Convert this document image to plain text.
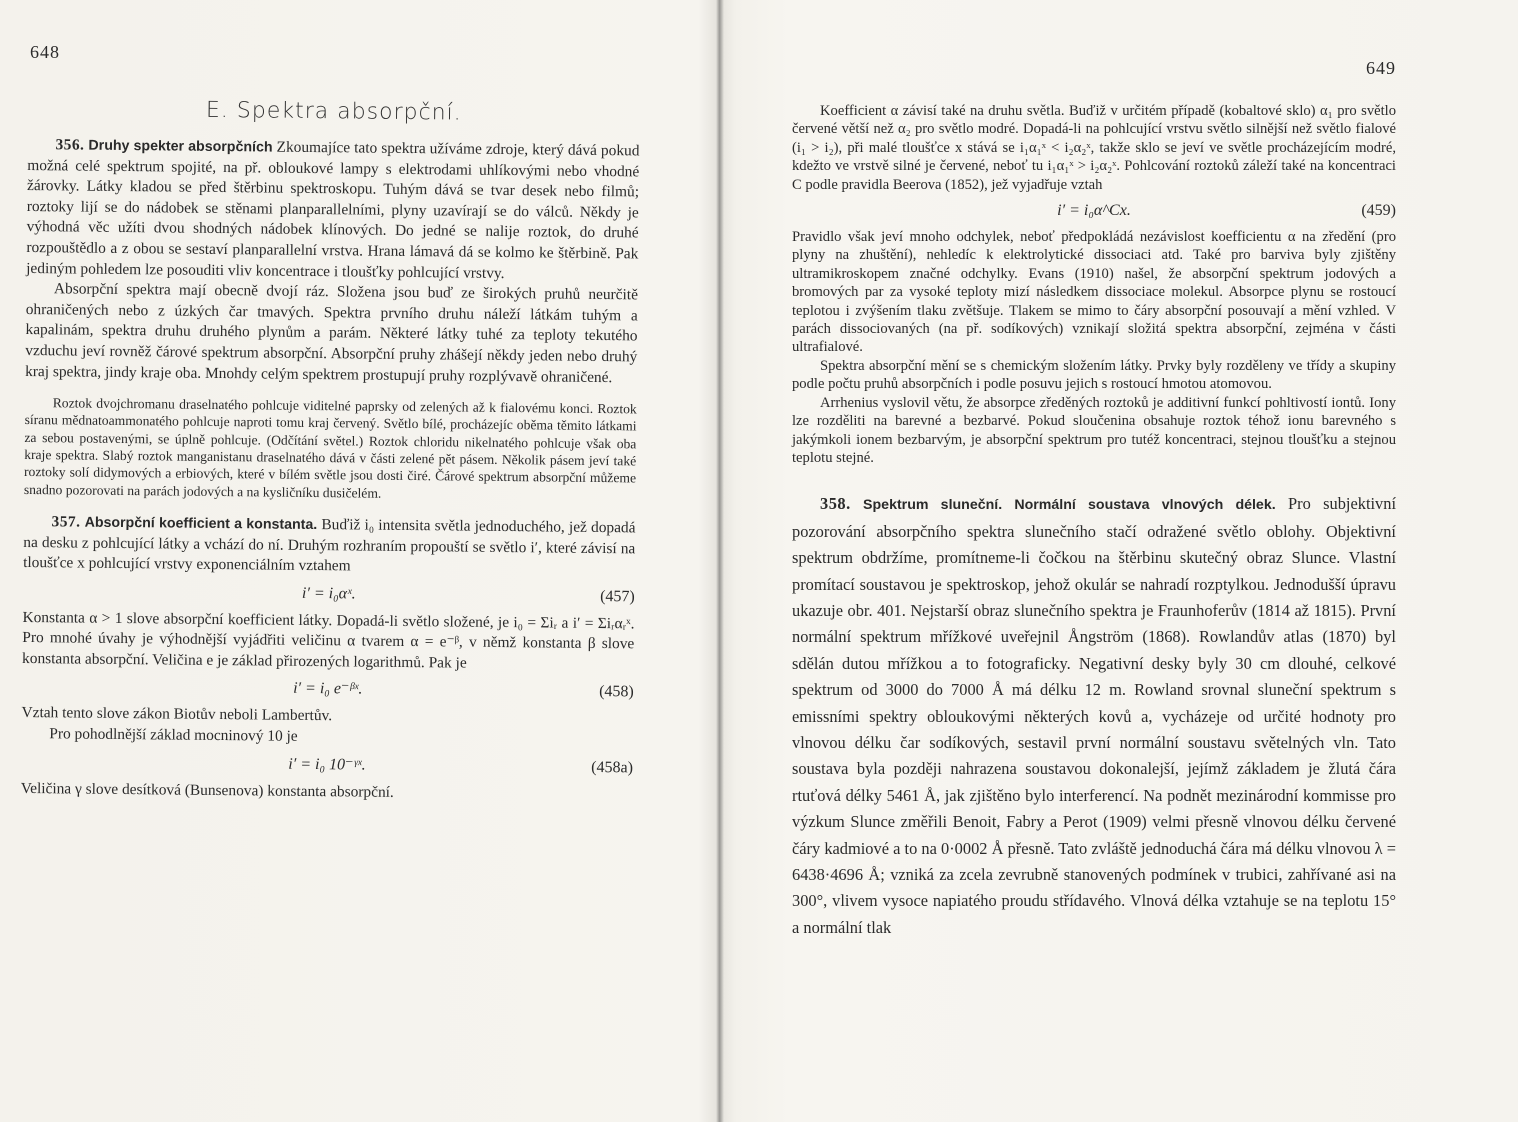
648
E. Spektra absorpční.

356. Druhy spekter absorpčních Zkoumajíce tato spektra užíváme zdroje, který dává pokud možná celé spektrum spojité, na př. obloukové lampy s elektrodami uhlíkovými nebo vhodné žárovky. Látky kladou se před štěrbinu spektroskopu. Tuhým dává se tvar desek nebo filmů; roztoky lijí se do nádobek se stěnami planparallelními, plyny uzavírají se do válců. Někdy je výhodná věc užíti dvou shodných nádobek klínových. Do jedné se nalije roztok, do druhé rozpouštědlo a z obou se sestaví planparallelní vrstva. Hrana lámavá dá se kolmo ke štěrbině. Pak jediným pohledem lze posouditi vliv koncentrace i tloušťky pohlcující vrstvy.

Absorpční spektra mají obecně dvojí ráz. Složena jsou buď ze širokých pruhů neurčitě ohraničených nebo z úzkých čar tmavých. Spektra prvního druhu náleží látkám tuhým a kapalinám, spektra druhu druhého plynům a parám. Některé látky tuhé za teploty tekutého vzduchu jeví rovněž čárové spektrum absorpční. Absorpční pruhy zhášejí někdy jeden nebo druhý kraj spektra, jindy kraje oba. Mnohdy celým spektrem prostupují pruhy rozplývavě ohraničené.

Roztok dvojchromanu draselnatého pohlcuje viditelné paprsky od zelených až k fialovému konci. Roztok síranu mědnatoammonatého pohlcuje naproti tomu kraj červený. Světlo bílé, procházejíc oběma těmito látkami za sebou postavenými, se úplně pohlcuje. (Odčítání světel.) Roztok chloridu nikelnatého pohlcuje však oba kraje spektra. Slabý roztok manganistanu draselnatého dává v části zelené pět pásem. Několik pásem jeví také roztoky solí didymových a erbiových, které v bílém světle jsou dosti čiré. Čárové spektrum absorpční můžeme snadno pozorovati na parách jodových a na kysličníku dusičelém.

357. Absorpční koefficient a konstanta. Buďiž i₀ intensita světla jednoduchého, jež dopadá na desku z pohlcující látky a vchází do ní. Druhým rozhraním propouští se světlo i′, které závisí na tloušťce x pohlcující vrstvy exponenciálním vztahem

i′ = i₀αˣ.	(457)

Konstanta α > 1 slove absorpční koefficient látky. Dopadá-li světlo složené, je i₀ = Σiᵣ a i′ = Σiᵣαᵣˣ. Pro mnohé úvahy je výhodnější vyjádřiti veličinu α tvarem α = e⁻ᵝ, v němž konstanta β slove konstanta absorpční. Veličina e je základ přirozených logarithmů. Pak je

i′ = i₀ e⁻ᵝˣ.	(458)

Vztah tento slove zákon Biotův neboli Lambertův.

Pro pohodlnější základ mocninový 10 je

i′ = i₀ 10⁻ᵞˣ.	(458a)

Veličina γ slove desítková (Bunsenova) konstanta absorpční.

649

Koefficient α závisí také na druhu světla. Buďiž v určitém případě (kobaltové sklo) α₁ pro světlo červené větší než α₂ pro světlo modré. Dopadá-li na pohlcující vrstvu světlo silnější než světlo fialové (i₁ > i₂), při malé tloušťce x stává se i₁α₁ˣ < i₂α₂ˣ, takže sklo se jeví ve světle procházejícím modré, kdežto ve vrstvě silné je červené, neboť tu i₁α₁ˣ > i₂α₂ˣ. Pohlcování roztoků záleží také na koncentraci C podle pravidla Beerova (1852), jež vyjadřuje vztah

i′ = i₀α^Cx.	(459)

Pravidlo však jeví mnoho odchylek, neboť předpokládá nezávislost koefficientu α na zředění (pro plyny na zhuštění), nehledíc k elektrolytické dissociaci atd. Také pro barviva byly zjištěny ultramikroskopem značné odchylky. Evans (1910) našel, že absorpční spektrum jodových a bromových par za vysoké teploty mizí následkem dissociace molekul. Absorpce plynu se rostoucí teplotou i zvýšením tlaku zvětšuje. Tlakem se mimo to čáry absorpční posouvají a mění vzhled. V parách dissociovaných (na př. sodíkových) vznikají složitá spektra absorpční, zejména v části ultrafialové.

Spektra absorpční mění se s chemickým složením látky. Prvky byly rozděleny ve třídy a skupiny podle počtu pruhů absorpčních i podle posuvu jejich s rostoucí hmotou atomovou.

Arrhenius vyslovil větu, že absorpce zředěných roztoků je additivní funkcí pohltivostí iontů. Iony lze rozděliti na barevné a bezbarvé. Pokud sloučenina obsahuje roztok téhož ionu barevného s jakýmkoli ionem bezbarvým, je absorpční spektrum pro tutéž koncentraci, stejnou tloušťku a stejnou teplotu stejné.

358. Spektrum sluneční. Normální soustava vlnových délek. Pro subjektivní pozorování absorpčního spektra slunečního stačí odražené světlo oblohy. Objektivní spektrum obdržíme, promítneme-li čočkou na štěrbinu skutečný obraz Slunce. Vlastní promítací soustavou je spektroskop, jehož okulár se nahradí rozptylkou. Jednodušší úpravu ukazuje obr. 401. Nejstarší obraz slunečního spektra je Fraunhoferův (1814 až 1815). První normální spektrum mřížkové uveřejnil Ångström (1868). Rowlandův atlas (1870) byl sdělán dutou mřížkou a to fotograficky. Negativní desky byly 30 cm dlouhé, celkové spektrum od 3000 do 7000 Å má délku 12 m. Rowland srovnal sluneční spektrum s emissními spektry obloukovými některých kovů a, vycházeje od určité hodnoty pro vlnovou délku čar sodíkových, sestavil první normální soustavu světelných vln. Tato soustava byla později nahrazena soustavou dokonalejší, jejímž základem je žlutá čára rtuťová délky 5461 Å, jak zjištěno bylo interferencí. Na podnět mezinárodní kommisse pro výzkum Slunce změřili Benoit, Fabry a Perot (1909) velmi přesně vlnovou délku červené čáry kadmiové a to na 0·0002 Å přesně. Tato zvláště jednoduchá čára má délku vlnovou λ = 6438·4696 Å; vzniká za zcela zevrubně stanovených podmínek v trubici, zahřívané asi na 300°, vlivem vysoce napiatého proudu střídavého. Vlnová délka vztahuje se na teplotu 15° a normální tlak
